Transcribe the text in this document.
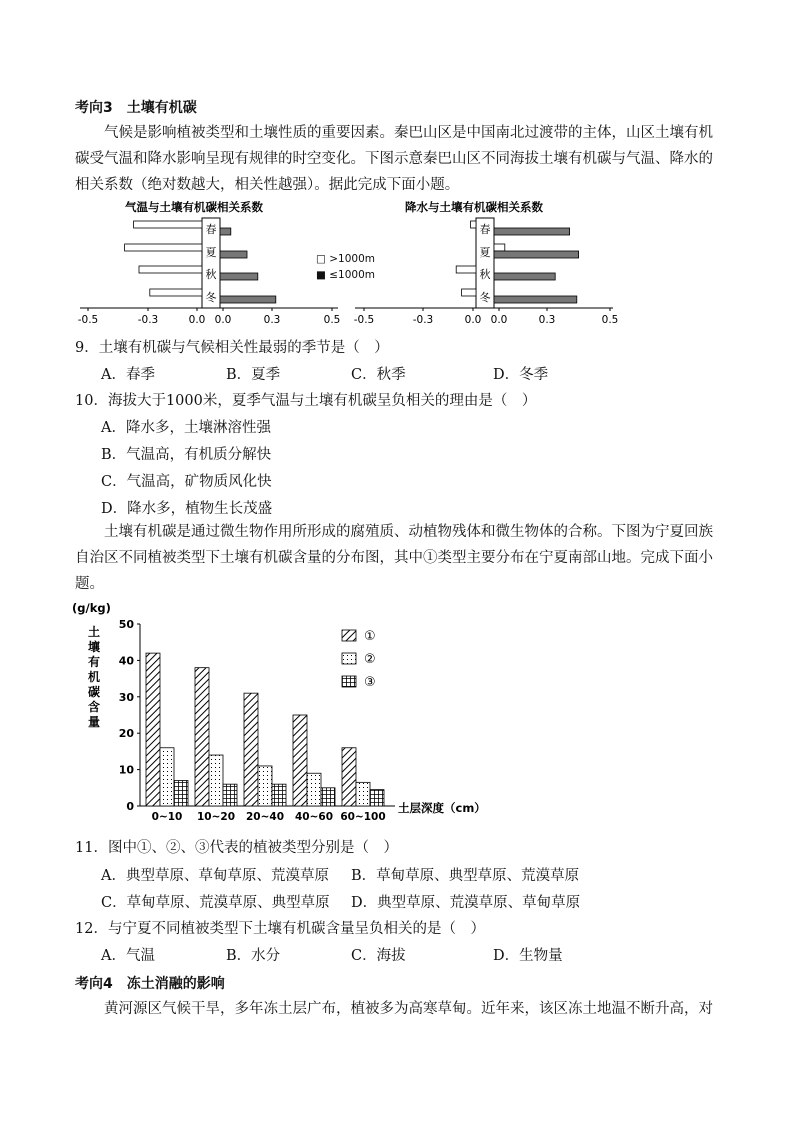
考向3　土壤有机碳
气候是影响植被类型和土壤性质的重要因素。秦巴山区是中国南北过渡带的主体，山区土壤有机
碳受气温和降水影响呈现有规律的时空变化。下图示意秦巴山区不同海拔土壤有机碳与气温、降水的
相关系数（绝对数越大，相关性越强）。据此完成下面小题。
气温与土壤有机碳相关系数
春
夏
秋
冬
-0.5	-0.3	0.0 0.0	0.3	0.5
□ >1000m
■ ≤1000m
降水与土壤有机碳相关系数
春
夏
秋
冬
-0.5	-0.3	0.0 0.0	0.3	0.5
9．土壤有机碳与气候相关性最弱的季节是（　）
A．春季	B．夏季	C．秋季	D．冬季
10．海拔大于1000米，夏季气温与土壤有机碳呈负相关的理由是（　）
A．降水多，土壤淋溶性强
B．气温高，有机质分解快
C．气温高，矿物质风化快
D．降水多，植物生长茂盛
土壤有机碳是通过微生物作用所形成的腐殖质、动植物残体和微生物体的合称。下图为宁夏回族
自治区不同植被类型下土壤有机碳含量的分布图，其中①类型主要分布在宁夏南部山地。完成下面小
题。
(g/kg)
土
壤
有
机
碳
含
量
0
10
20
30
40
50
0~10 10~20 20~40 40~60 60~100
①
②
③
土层深度（cm）
11．图中①、②、③代表的植被类型分别是（　）
A．典型草原、草甸草原、荒漠草原 B．草甸草原、典型草原、荒漠草原
C．草甸草原、荒漠草原、典型草原 D．典型草原、荒漠草原、草甸草原
12．与宁夏不同植被类型下土壤有机碳含量呈负相关的是（　）
A．气温	B．水分	C．海拔	D．生物量
考向4　冻土消融的影响
黄河源区气候干旱，多年冻土层广布，植被多为高寒草甸。近年来，该区冻土地温不断升高，对
